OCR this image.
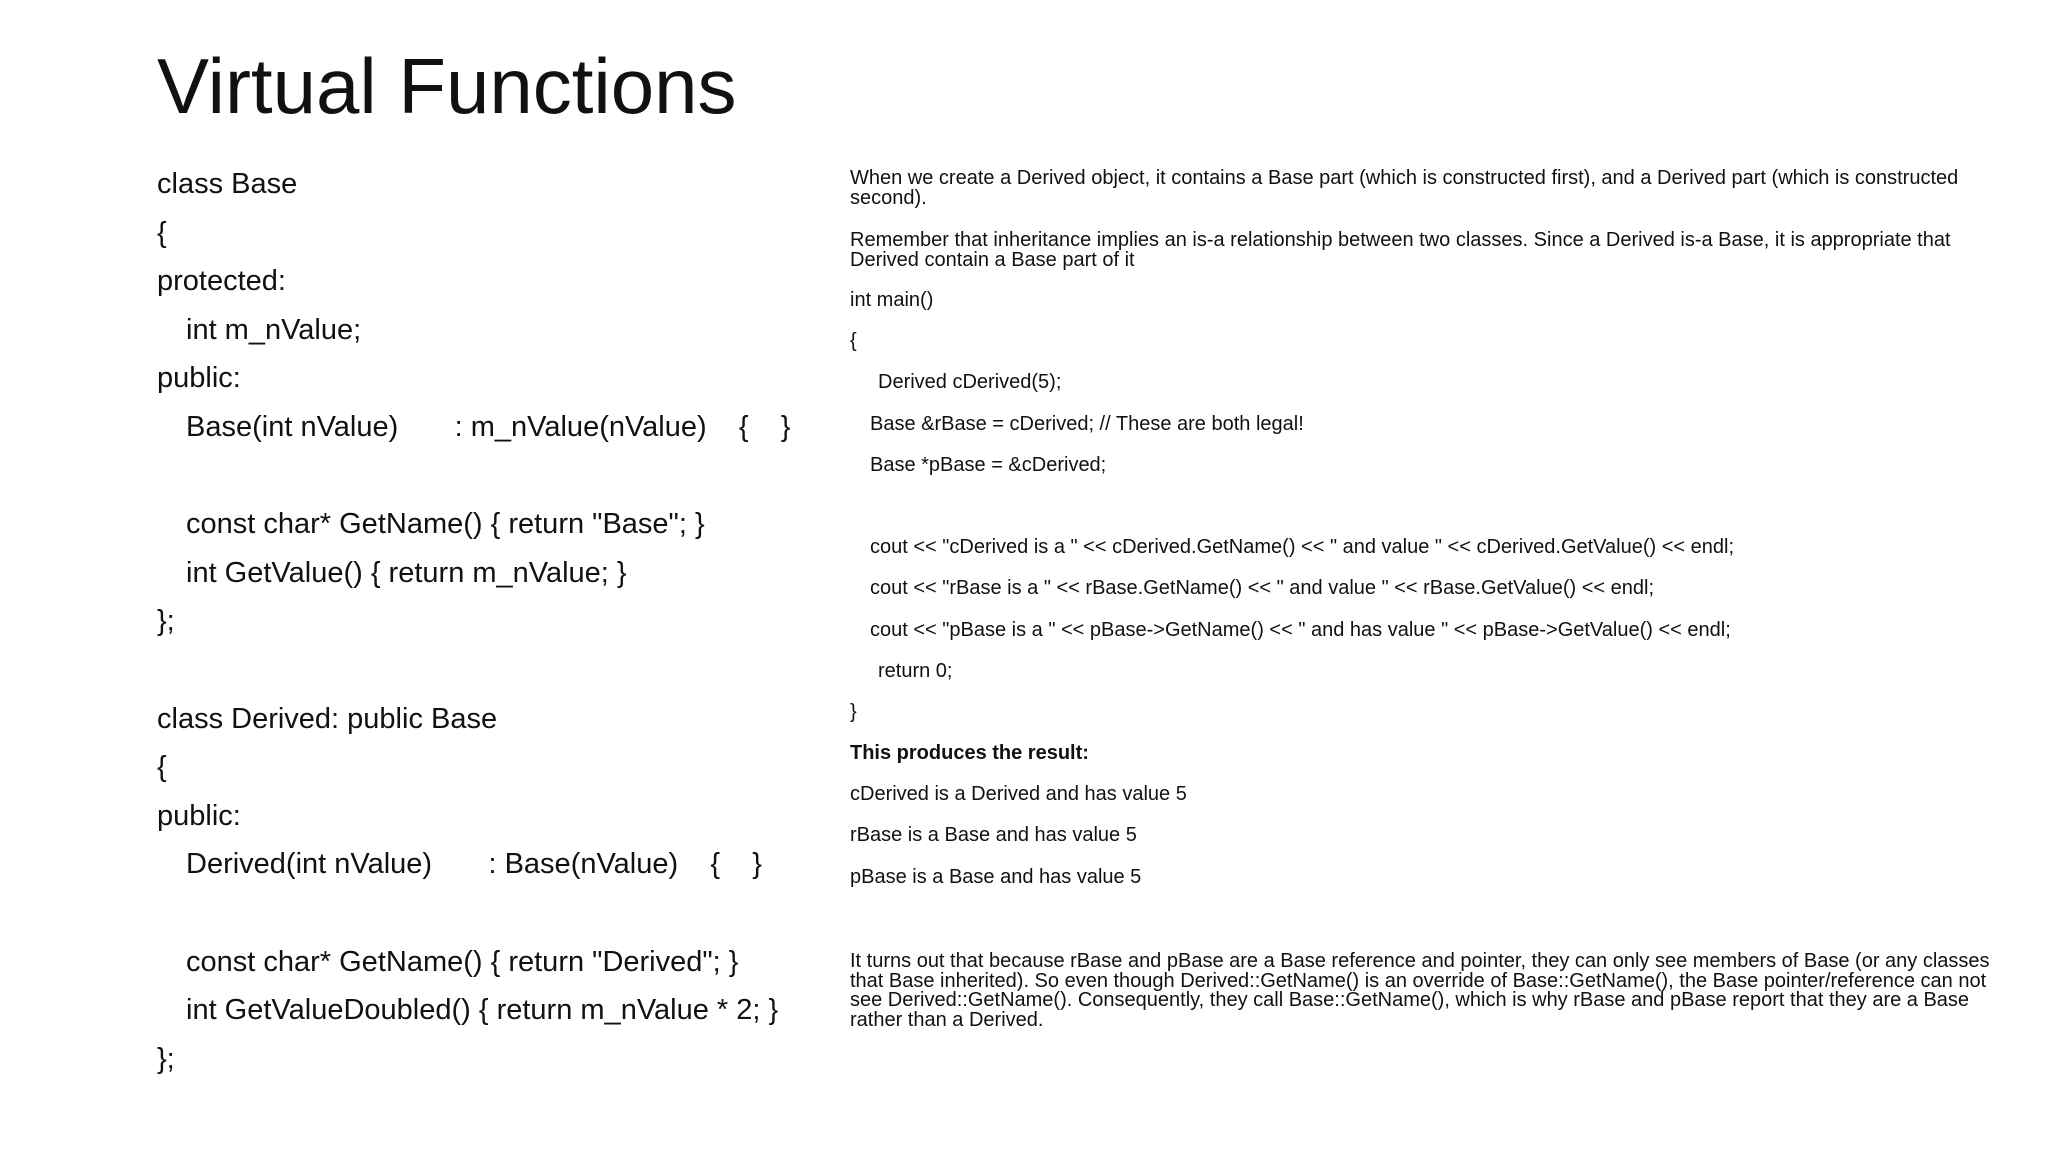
Virtual Functions
class Base
{
protected:
int m_nValue;
public:
Base(int nValue)       : m_nValue(nValue)    {    }
const char* GetName() { return "Base"; }
int GetValue() { return m_nValue; }
};
class Derived: public Base
{
public:
Derived(int nValue)       : Base(nValue)    {    }
const char* GetName() { return "Derived"; }
int GetValueDoubled() { return m_nValue * 2; }
};

When we create a Derived object, it contains a Base part (which is constructed first), and a Derived part (which is constructed second).

Remember that inheritance implies an is-a relationship between two classes. Since a Derived is-a Base, it is appropriate that Derived contain a Base part of it

int main()
{
Derived cDerived(5);
Base &rBase = cDerived; // These are both legal!
Base *pBase = &cDerived;
cout << "cDerived is a " << cDerived.GetName() << " and value " << cDerived.GetValue() << endl;
cout << "rBase is a " << rBase.GetName() << " and value " << rBase.GetValue() << endl;
cout << "pBase is a " << pBase->GetName() << " and has value " << pBase->GetValue() << endl;
return 0;
}
This produces the result:
cDerived is a Derived and has value 5
rBase is a Base and has value 5
pBase is a Base and has value 5
It turns out that because rBase and pBase are a Base reference and pointer, they can only see members of Base (or any classes that Base inherited). So even though Derived::GetName() is an override of Base::GetName(), the Base pointer/reference can not see Derived::GetName(). Consequently, they call Base::GetName(), which is why rBase and pBase report that they are a Base rather than a Derived.
